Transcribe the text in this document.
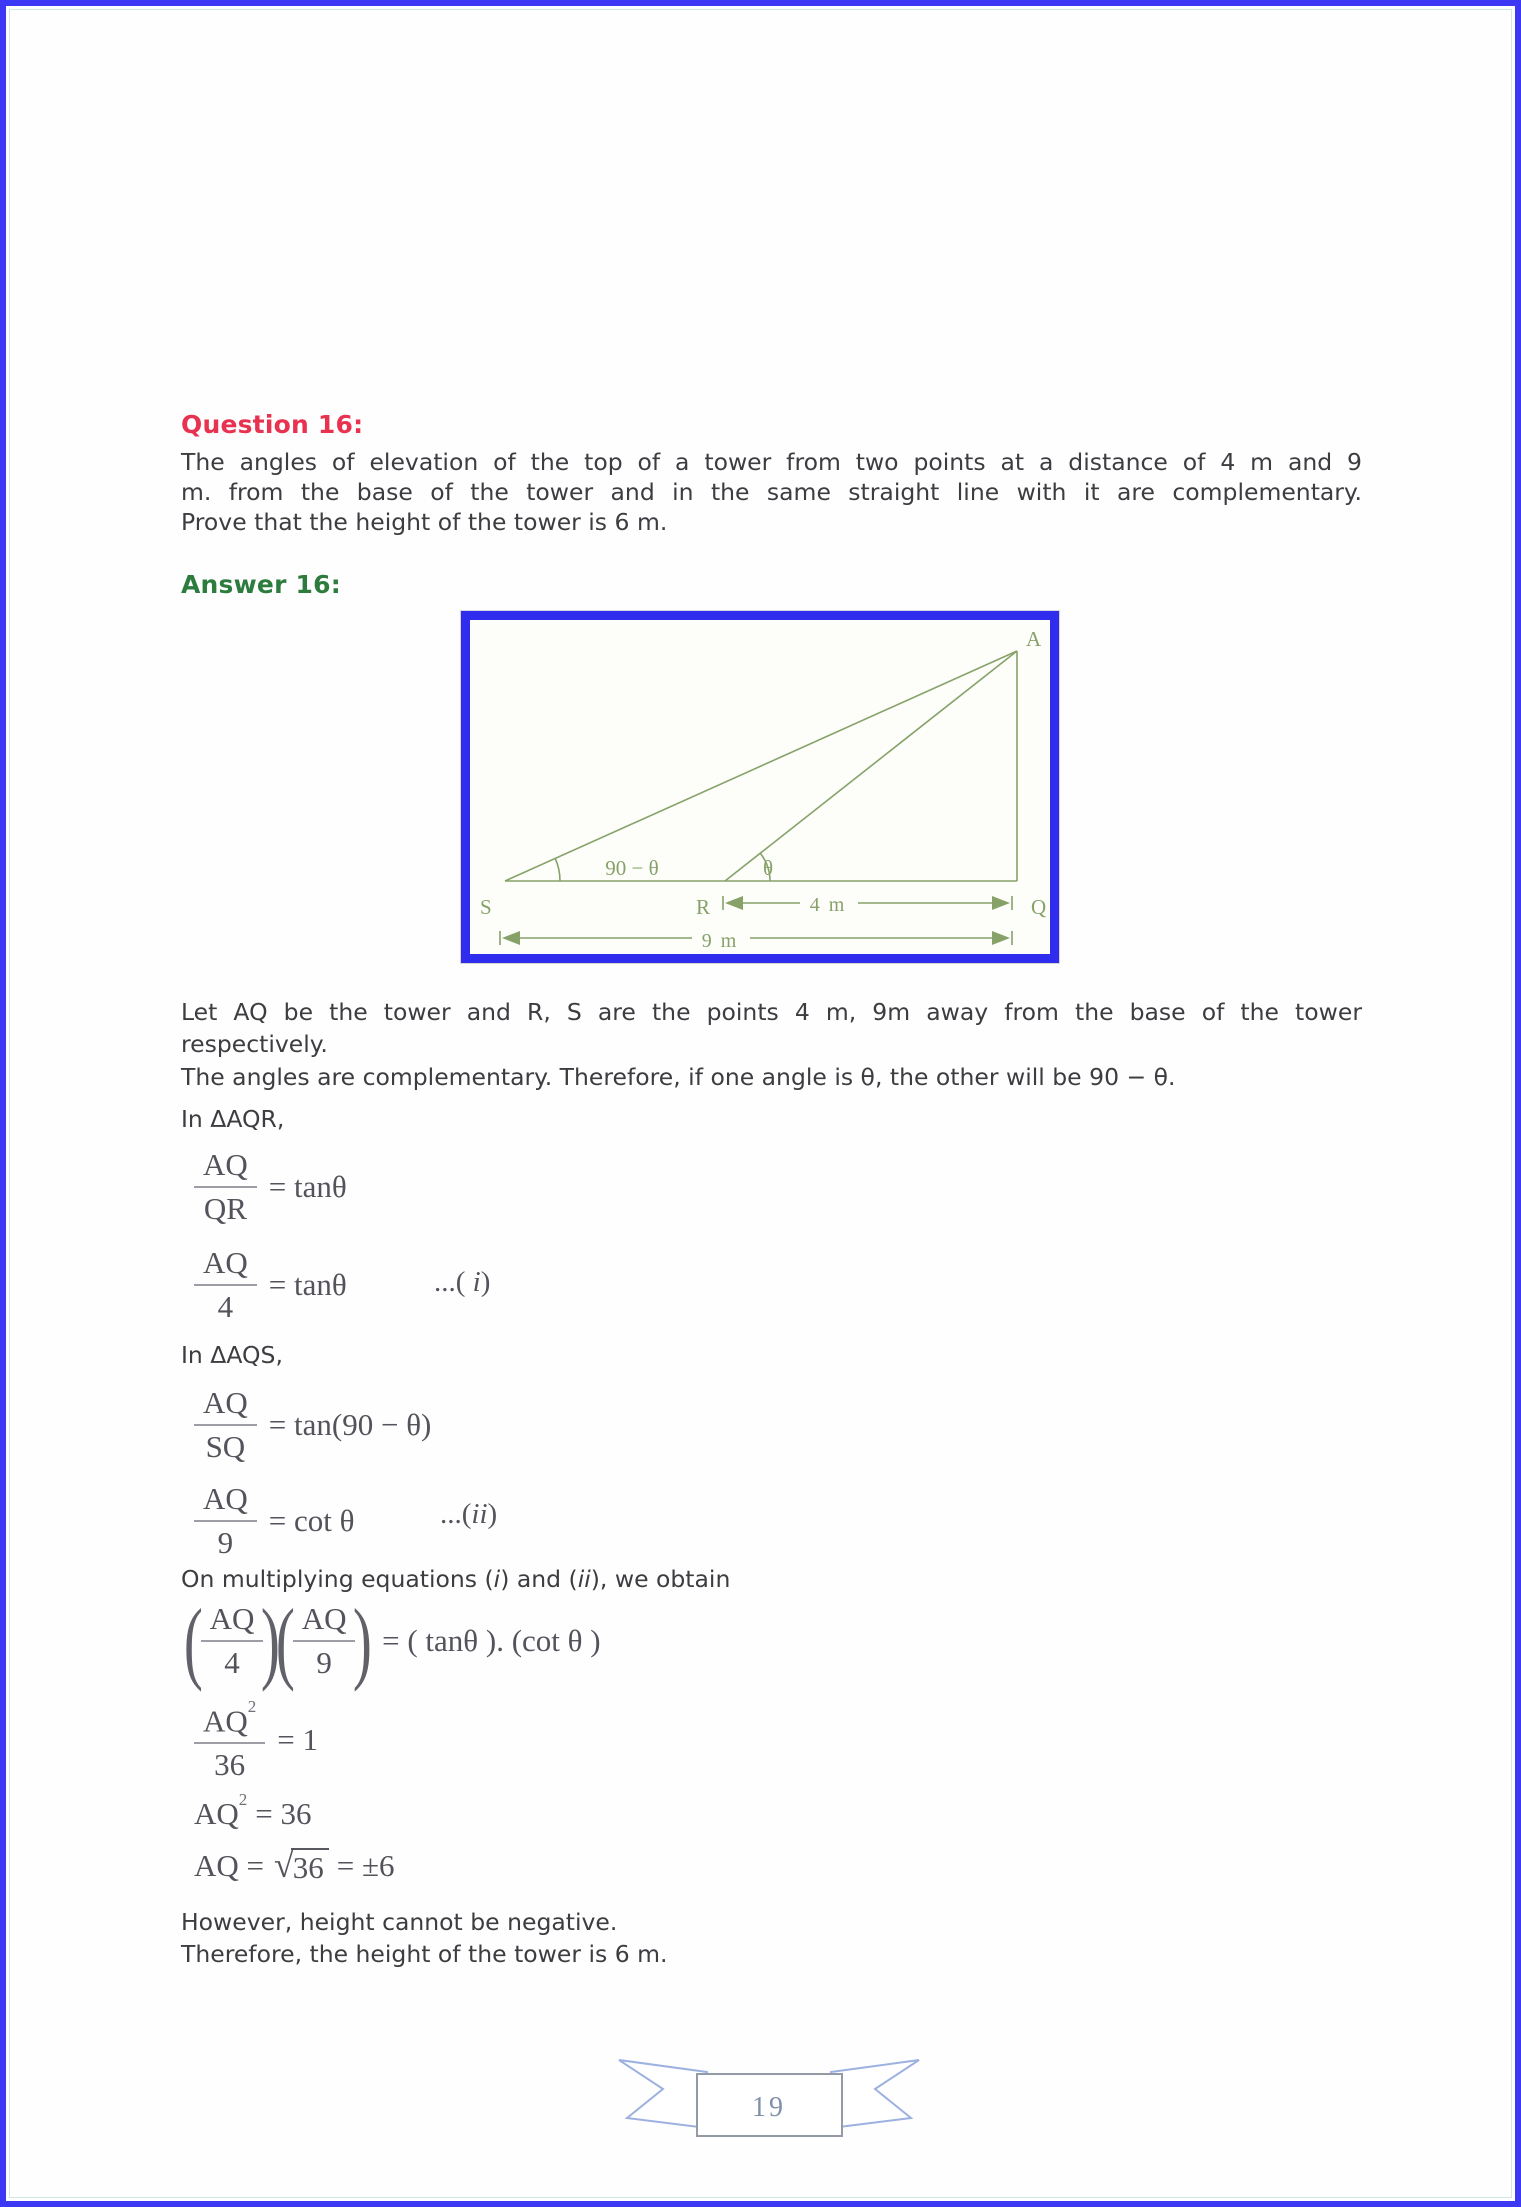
Question 16:
The angles of elevation of the top of a tower from two points at a distance of 4 m and 9
m. from the base of the tower and in the same straight line with it are complementary.
Prove that the height of the tower is 6 m.
Answer 16:
A
S	R	Q
90 − θ	θ
4 m
9 m
Let AQ be the tower and R, S are the points 4 m, 9m away from the base of the tower
respectively.
The angles are complementary. Therefore, if one angle is θ, the other will be 90 − θ.
In ΔAQR,
$\frac{AQ}{QR} = \tan\theta$
$\frac{AQ}{4} = \tan\theta$	...( i)
In ΔAQS,
$\frac{AQ}{SQ} = \tan(90 - \theta)$
$\frac{AQ}{9} = \cot \theta$	...(ii)
On multiplying equations (i) and (ii), we obtain
(
$\frac{AQ}{4}$
)
(
$\frac{AQ}{9}$
) = ( tanθ ). (cot θ )
$\frac{AQ^2}{36} = 1$
$AQ^2 = 36$
AQ = √ 36 = ±6
However, height cannot be negative.
Therefore, the height of the tower is 6 m.
19
